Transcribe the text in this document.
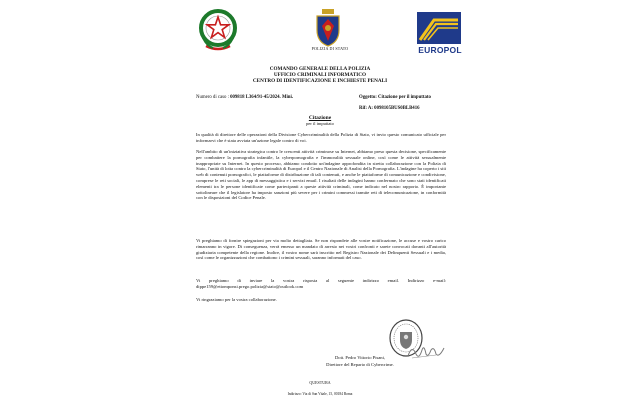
POLIZIA DI STATO	EUROPOL
COMANDO GENERALE DELLA POLIZIA
UFFICIO CRIMINALI INFORMATICO
CENTRO DI IDENTIFICAZIONE E INCHIESTE PENALI
Numero di caso : 009818 L364/91-45/2024. Mini.	Oggetto: Citazione per il imputtato
Rif: A: 0098105BUS0BLB416
Citazione
per il imputtato

In qualità di direttore delle operazioni della Divisione Cybercriminalità della Polizia di Stato, vi invio questo comunicato ufficiale per informarvi che è stata avviata un'azione legale contro di voi.

Nell'ambito di un'iniziativa strategica contro le crescenti attività criminose su Internet, abbiamo preso questa decisione, specificamente per combattere la pornografia infantile, la cyberpornografia e l'immoralità sessuale online, così come le attività sessualmente inappropriate su Internet. In questo processo, abbiamo condotto un'indagine approfondita in stretta collaborazione con la Polizia di Stato, l'unità di lotta contro la cybercriminalità di Europol e il Centro Nazionale di Analisi della Pornografia. L'indagine ha coperto i siti web di contenuti pornografici, le piattaforme di distribuzione di tali contenuti, e anche le piattaforme di comunicazione e condivisione, comprese le reti sociali, le app di messaggistica e i servizi email. I risultati delle indagini hanno confermato che sono stati identificati elementi tra le persone identificate come partecipanti a queste attività criminali, come indicato nel nostro rapporto. È importante sottolineare che il legislatore ha imposto sanzioni più severe per i crimini commessi tramite reti di telecomunicazione, in conformità con le disposizioni del Codice Penale.

Vi preghiamo di fornire spiegazioni per via molto dettagliata. Se non rispondete alle vostre notificazione, le accuse e vostro carico rimarranno in vigore. Di conseguenza, verrà emesso un mandato di arresto nei vostri confronti e sarete convocati davanti all'autorità giudiziaria competente della regione. Inoltre, il vostro nome sarà inscritto nel Registro Nazionale dei Delinquenti Sessuali e i media, così come le organizzazioni che combattono i crimini sessuali, saranno informati del caso.

Vi preghiamo di inviare la vostra risposta al seguente indirizzo email. Indirizzo e-mail: dippe159@ettomponsi.prego.polizia@stato@outlook.com

Vi ringraziamo per la vostra collaborazione.

Dott. Pedro Vittorio Pisani,
Direttore del Reparto di Cybercrime.
QUESTURA
Indirizzo: Via di San Vitale, 15, 00184 Roma
